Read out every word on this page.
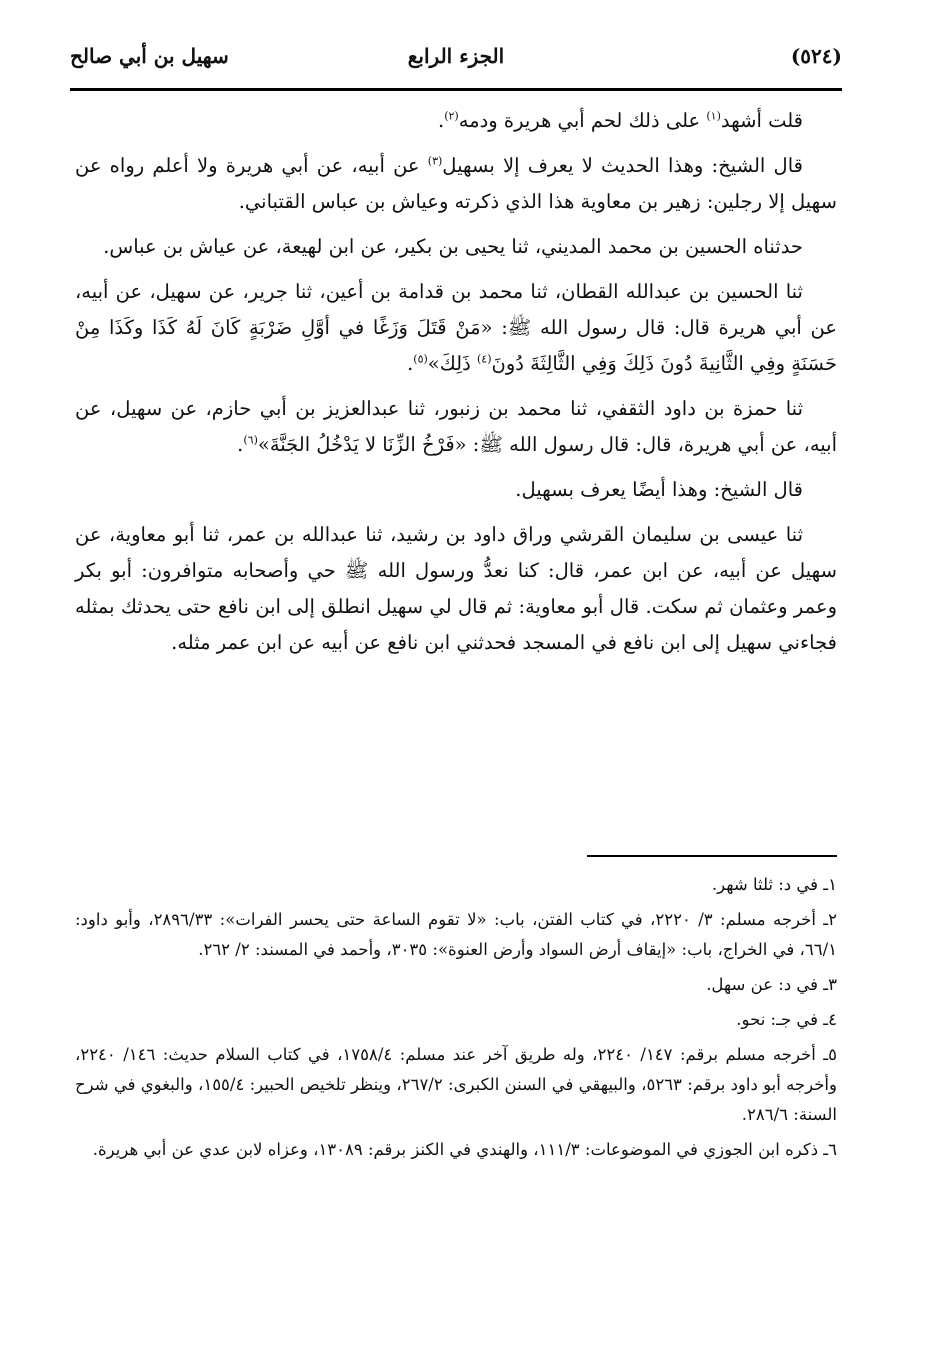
(٥٢٤)
الجزء الرابع
سهيل بن أبي صالح

قلت أشهد$^{(١)}$ على ذلك لحم أبي هريرة ودمه$^{(٢)}$.

قال الشيخ: وهذا الحديث لا يعرف إلا بسهيل$^{(٣)}$ عن أبيه، عن أبي هريرة ولا أعلم رواه عن سهيل إلا رجلين: زهير بن معاوية هذا الذي ذكرته وعياش بن عباس القتباني.

حدثناه الحسين بن محمد المديني، ثنا يحيى بن بكير، عن ابن لهيعة، عن عياش بن عباس.

ثنا الحسين بن عبدالله القطان، ثنا محمد بن قدامة بن أعين، ثنا جرير، عن سهيل، عن أبيه، عن أبي هريرة قال: قال رسول الله ﷺ: «مَنْ قَتَلَ وَزَغًا في أوَّلِ ضَرْبَةٍ كَانَ لَهُ كَذَا وكَذَا مِنْ حَسَنَةٍ وفِي الثَّانِيةَ دُونَ ذَلِكَ وَفِي الثَّالِثَةَ دُونَ$^{(٤)}$ ذَلِكَ»$^{(٥)}$.

ثنا حمزة بن داود الثقفي، ثنا محمد بن زنبور، ثنا عبدالعزيز بن أبي حازم، عن سهيل، عن أبيه، عن أبي هريرة، قال: قال رسول الله ﷺ: «فَرْخُ الزِّنَا لا يَدْخُلُ الجَنَّةَ»$^{(٦)}$.

قال الشيخ: وهذا أيضًا يعرف بسهيل.

ثنا عيسى بن سليمان القرشي وراق داود بن رشيد، ثنا عبدالله بن عمر، ثنا أبو معاوية، عن سهيل عن أبيه، عن ابن عمر، قال: كنا نعدُّ ورسول الله ﷺ حي وأصحابه متوافرون: أبو بكر وعمر وعثمان ثم سكت. قال أبو معاوية: ثم قال لي سهيل انطلق إلى ابن نافع حتى يحدثك بمثله فجاءني سهيل إلى ابن نافع في المسجد فحدثني ابن نافع عن أبيه عن ابن عمر مثله.

١ـ في د: ثلثا شهر.

٢ـ أخرجه مسلم: ٣/ ٢٢٢٠، في كتاب الفتن، باب: «لا تقوم الساعة حتى يحسر الفرات»: ٢٨٩٦/٣٣، وأبو داود: ٦٦/١، في الخراج، باب: «إيقاف أرض السواد وأرض العنوة»: ٣٠٣٥، وأحمد في المسند: ٢/ ٢٦٢.

٣ـ في د: عن سهل.

٤ـ في جـ: نحو.

٥ـ أخرجه مسلم برقم: ١٤٧/ ٢٢٤٠، وله طريق آخر عند مسلم: ١٧٥٨/٤، في كتاب السلام حديث: ١٤٦/ ٢٢٤٠، وأخرجه أبو داود برقم: ٥٢٦٣، والبيهقي في السنن الكبرى: ٢٦٧/٢، وينظر تلخيص الحبير: ١٥٥/٤، والبغوي في شرح السنة: ٢٨٦/٦.

٦ـ ذكره ابن الجوزي في الموضوعات: ١١١/٣، والهندي في الكنز برقم: ١٣٠٨٩، وعزاه لابن عدي عن أبي هريرة.
